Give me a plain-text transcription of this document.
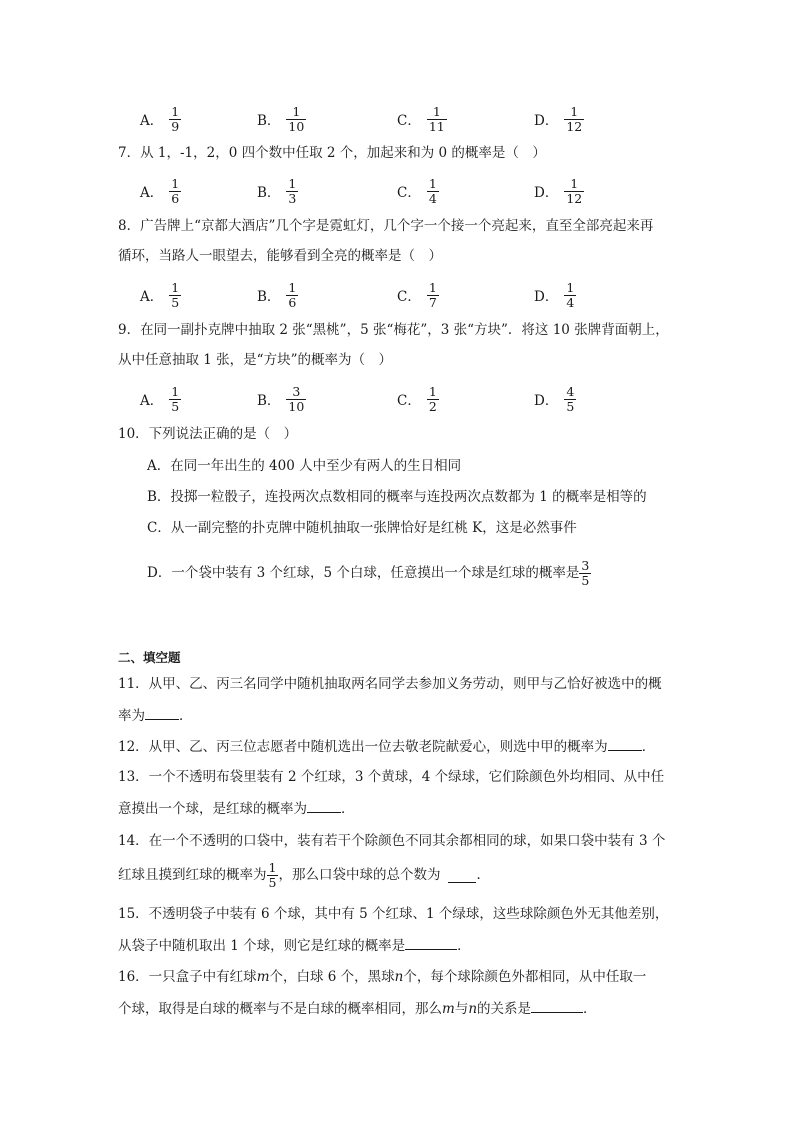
A． $\frac{1}{9}$	B． $\frac{1}{10}$	C． $\frac{1}{11}$	D． $\frac{1}{12}$
7．从 1，-1，2，0 四个数中任取 2 个，加起来和为 0 的概率是（　）
A． $\frac{1}{6}$	B． $\frac{1}{3}$	C． $\frac{1}{4}$	D． $\frac{1}{12}$
8．广告牌上“京都大酒店”几个字是霓虹灯，几个字一个接一个亮起来，直至全部亮起来再
循环，当路人一眼望去，能够看到全亮的概率是（　）
A． $\frac{1}{5}$	B． $\frac{1}{6}$	C． $\frac{1}{7}$	D． $\frac{1}{4}$
9．在同一副扑克牌中抽取 2 张“黑桃”，5 张“梅花”，3 张“方块”．将这 10 张牌背面朝上，
从中任意抽取 1 张，是“方块”的概率为（　）
A． $\frac{1}{5}$	B． $\frac{3}{10}$	C． $\frac{1}{2}$	D． $\frac{4}{5}$
10．下列说法正确的是（　）
A．在同一年出生的 400 人中至少有两人的生日相同
B．投掷一粒骰子，连投两次点数相同的概率与连投两次点数都为 1 的概率是相等的
C．从一副完整的扑克牌中随机抽取一张牌恰好是红桃 K，这是必然事件
D．一个袋中装有 3 个红球，5 个白球，任意摸出一个球是红球的概率是 $\frac{3}{5}$
二、填空题
11．从甲、乙、丙三名同学中随机抽取两名同学去参加义务劳动，则甲与乙恰好被选中的概
率为	．
12．从甲、乙、丙三位志愿者中随机选出一位去敬老院献爱心，则选中甲的概率为	．
13．一个不透明布袋里装有 2 个红球，3 个黄球，4 个绿球，它们除颜色外均相同、从中任
意摸出一个球，是红球的概率为	．
14．在一个不透明的口袋中，装有若干个除颜色不同其余都相同的球，如果口袋中装有 3 个
红球且摸到红球的概率为 $\frac{1}{5}$ ，那么口袋中球的总个数为	．
15．不透明袋子中装有 6 个球，其中有 5 个红球、1 个绿球，这些球除颜色外无其他差别，
从袋子中随机取出 1 个球，则它是红球的概率是	．
16．一只盒子中有红球m个，白球 6 个，黑球n个，每个球除颜色外都相同，从中任取一
个球，取得是白球的概率与不是白球的概率相同，那么m与n的关系是	．
